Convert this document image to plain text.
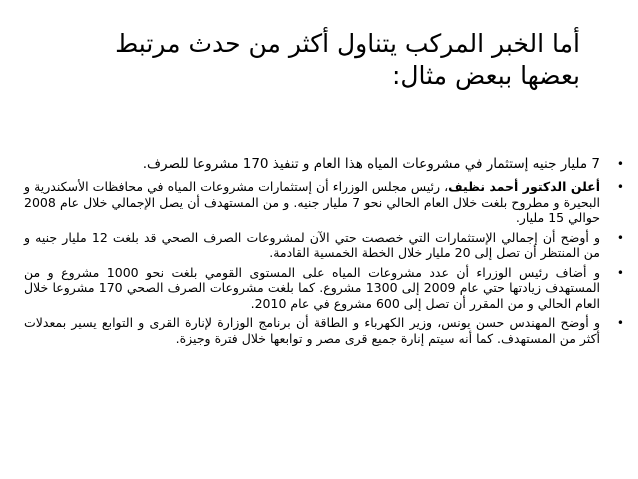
أما الخبر المركب يتناول أكثر من حدث مرتبط
بعضها ببعض مثال:
•
7 مليار جنيه إستثمار في مشروعات المياه هذا العام و تنفيذ 170 مشروعا للصرف.
•
أعلن الدكتور أحمد نظيف، رئيس مجلس الوزراء أن إستثمارات مشروعات المياه في محافظات الأسكندرية و البحيرة و مطروح بلغت خلال العام الحالي نحو 7 مليار جنيه. و من المستهدف أن يصل الإجمالي خلال عام 2008 حوالي 15 مليار.
•
و أوضح أن إجمالي الإستثمارات التي خصصت حتي الآن لمشروعات الصرف الصحي قد بلغت 12 مليار جنيه و من المنتظر أن تصل إلى 20 مليار خلال الخطة الخمسية القادمة.
•
و أضاف رئيس الوزراء أن عدد مشروعات المياه على المستوى القومي بلغت نحو 1000 مشروع و من المستهدف زيادتها حتي عام 2009 إلى 1300 مشروع. كما بلغت مشروعات الصرف الصحي 170 مشروعا خلال العام الحالي و من المقرر أن تصل إلى 600 مشروع في عام 2010.
•
و أوضح المهندس حسن يونس، وزير الكهرباء و الطاقة أن برنامج الوزارة لإنارة القرى و التوابع يسير بمعدلات أكثر من المستهدف. كما أنه سيتم إنارة جميع قرى مصر و توابعها خلال فترة وجيزة.
